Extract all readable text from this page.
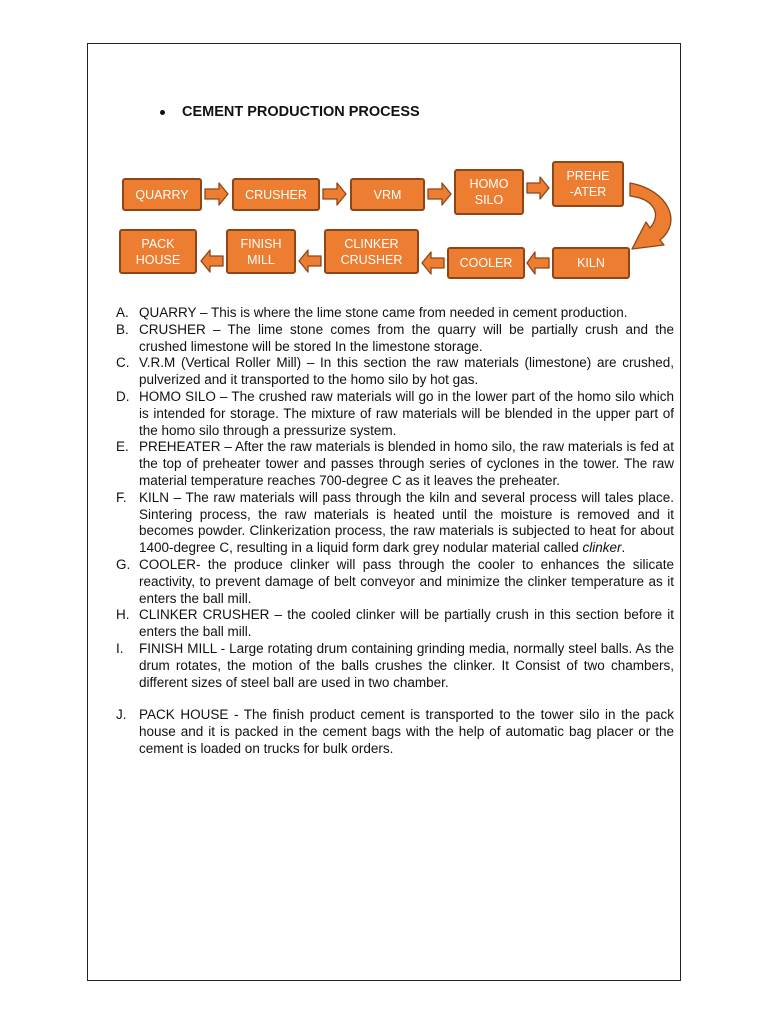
CEMENT PRODUCTION PROCESS
QUARRY	CRUSHER	VRM
HOMO
SILO
PREHE
-ATER
KILN
COOLER
CLINKER
CRUSHER
FINISH
MILL
PACK
HOUSE
A. QUARRY – This is where the lime stone came from needed in cement production.
B. CRUSHER – The lime stone comes from the quarry will be partially crush and the crushed limestone will be stored In the limestone storage.
C. V.R.M (Vertical Roller Mill) – In this section the raw materials (limestone) are crushed, pulverized and it transported to the homo silo by hot gas.
D. HOMO SILO – The crushed raw materials will go in the lower part of the homo silo which is intended for storage. The mixture of raw materials will be blended in the upper part of the homo silo through a pressurize system.
E. PREHEATER – After the raw materials is blended in homo silo, the raw materials is fed at the top of preheater tower and passes through series of cyclones in the tower. The raw material temperature reaches 700-degree C as it leaves the preheater.
F. KILN – The raw materials will pass through the kiln and several process will tales place. Sintering process, the raw materials is heated until the moisture is removed and it becomes powder. Clinkerization process, the raw materials is subjected to heat for about 1400-degree C, resulting in a liquid form dark grey nodular material called clinker.
G. COOLER- the produce clinker will pass through the cooler to enhances the silicate reactivity, to prevent damage of belt conveyor and minimize the clinker temperature as it enters the ball mill.
H. CLINKER CRUSHER – the cooled clinker will be partially crush in this section before it enters the ball mill.
I.	FINISH MILL - Large rotating drum containing grinding media, normally steel balls. As the drum rotates, the motion of the balls crushes the clinker. It Consist of two chambers, different sizes of steel ball are used in two chamber.
J. PACK HOUSE - The finish product cement is transported to the tower silo in the pack house and it is packed in the cement bags with the help of automatic bag placer or the cement is loaded on trucks for bulk orders.
